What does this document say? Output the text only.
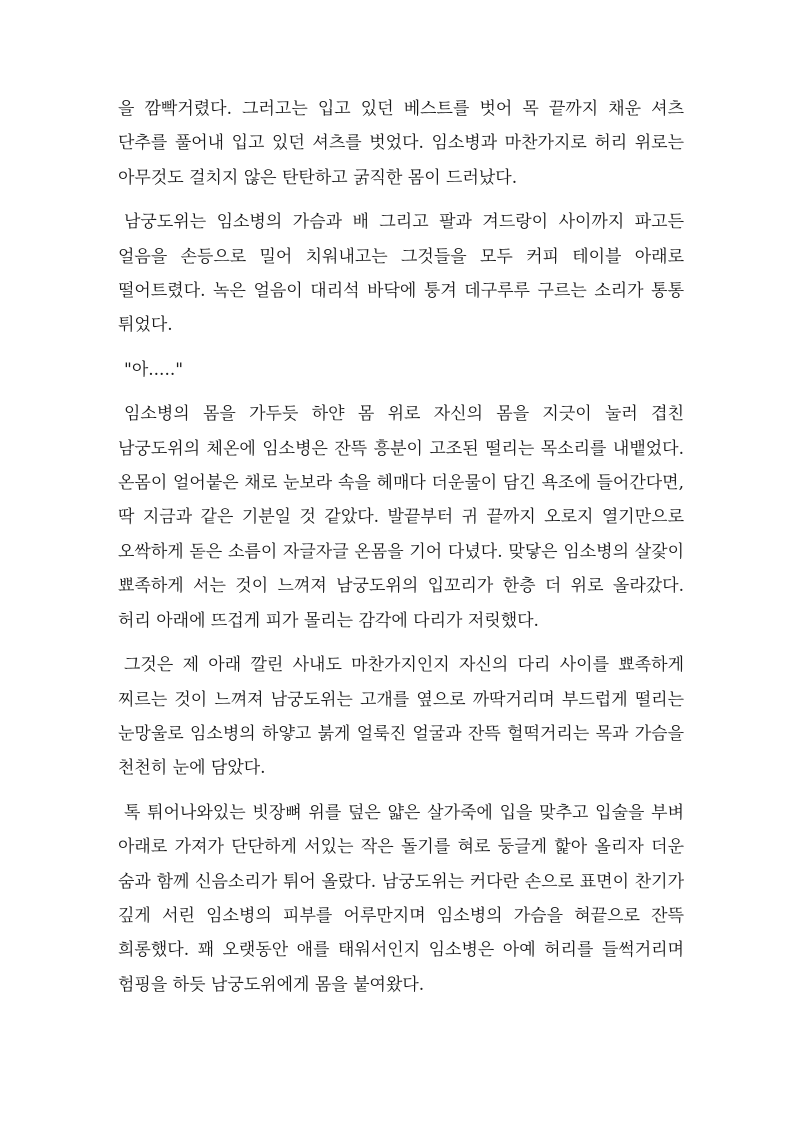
을 깜빡거렸다. 그러고는 입고 있던 베스트를 벗어 목 끝까지 채운 셔츠 단추를 풀어내 입고 있던 셔츠를 벗었다. 임소병과 마찬가지로 허리 위로는 아무것도 걸치지 않은 탄탄하고 굵직한 몸이 드러났다.

남궁도위는 임소병의 가슴과 배 그리고 팔과 겨드랑이 사이까지 파고든 얼음을 손등으로 밀어 치워내고는 그것들을 모두 커피 테이블 아래로 떨어트렸다. 녹은 얼음이 대리석 바닥에 퉁겨 데구루루 구르는 소리가 통통 튀었다.

"아....."

임소병의 몸을 가두듯 하얀 몸 위로 자신의 몸을 지긋이 눌러 겹친 남궁도위의 체온에 임소병은 잔뜩 흥분이 고조된 떨리는 목소리를 내뱉었다. 온몸이 얼어붙은 채로 눈보라 속을 헤매다 더운물이 담긴 욕조에 들어간다면, 딱 지금과 같은 기분일 것 같았다. 발끝부터 귀 끝까지 오로지 열기만으로 오싹하게 돋은 소름이 자글자글 온몸을 기어 다녔다. 맞닿은 임소병의 살갗이 뾰족하게 서는 것이 느껴져 남궁도위의 입꼬리가 한층 더 위로 올라갔다. 허리 아래에 뜨겁게 피가 몰리는 감각에 다리가 저릿했다.

그것은 제 아래 깔린 사내도 마찬가지인지 자신의 다리 사이를 뾰족하게 찌르는 것이 느껴져 남궁도위는 고개를 옆으로 까딱거리며 부드럽게 떨리는 눈망울로 임소병의 하얗고 붉게 얼룩진 얼굴과 잔뜩 헐떡거리는 목과 가슴을 천천히 눈에 담았다.

톡 튀어나와있는 빗장뼈 위를 덮은 얇은 살가죽에 입을 맞추고 입술을 부벼 아래로 가져가 단단하게 서있는 작은 돌기를 혀로 둥글게 핥아 올리자 더운 숨과 함께 신음소리가 튀어 올랐다. 남궁도위는 커다란 손으로 표면이 찬기가 깊게 서린 임소병의 피부를 어루만지며 임소병의 가슴을 혀끝으로 잔뜩 희롱했다. 꽤 오랫동안 애를 태워서인지 임소병은 아예 허리를 들썩거리며 험핑을 하듯 남궁도위에게 몸을 붙여왔다.
